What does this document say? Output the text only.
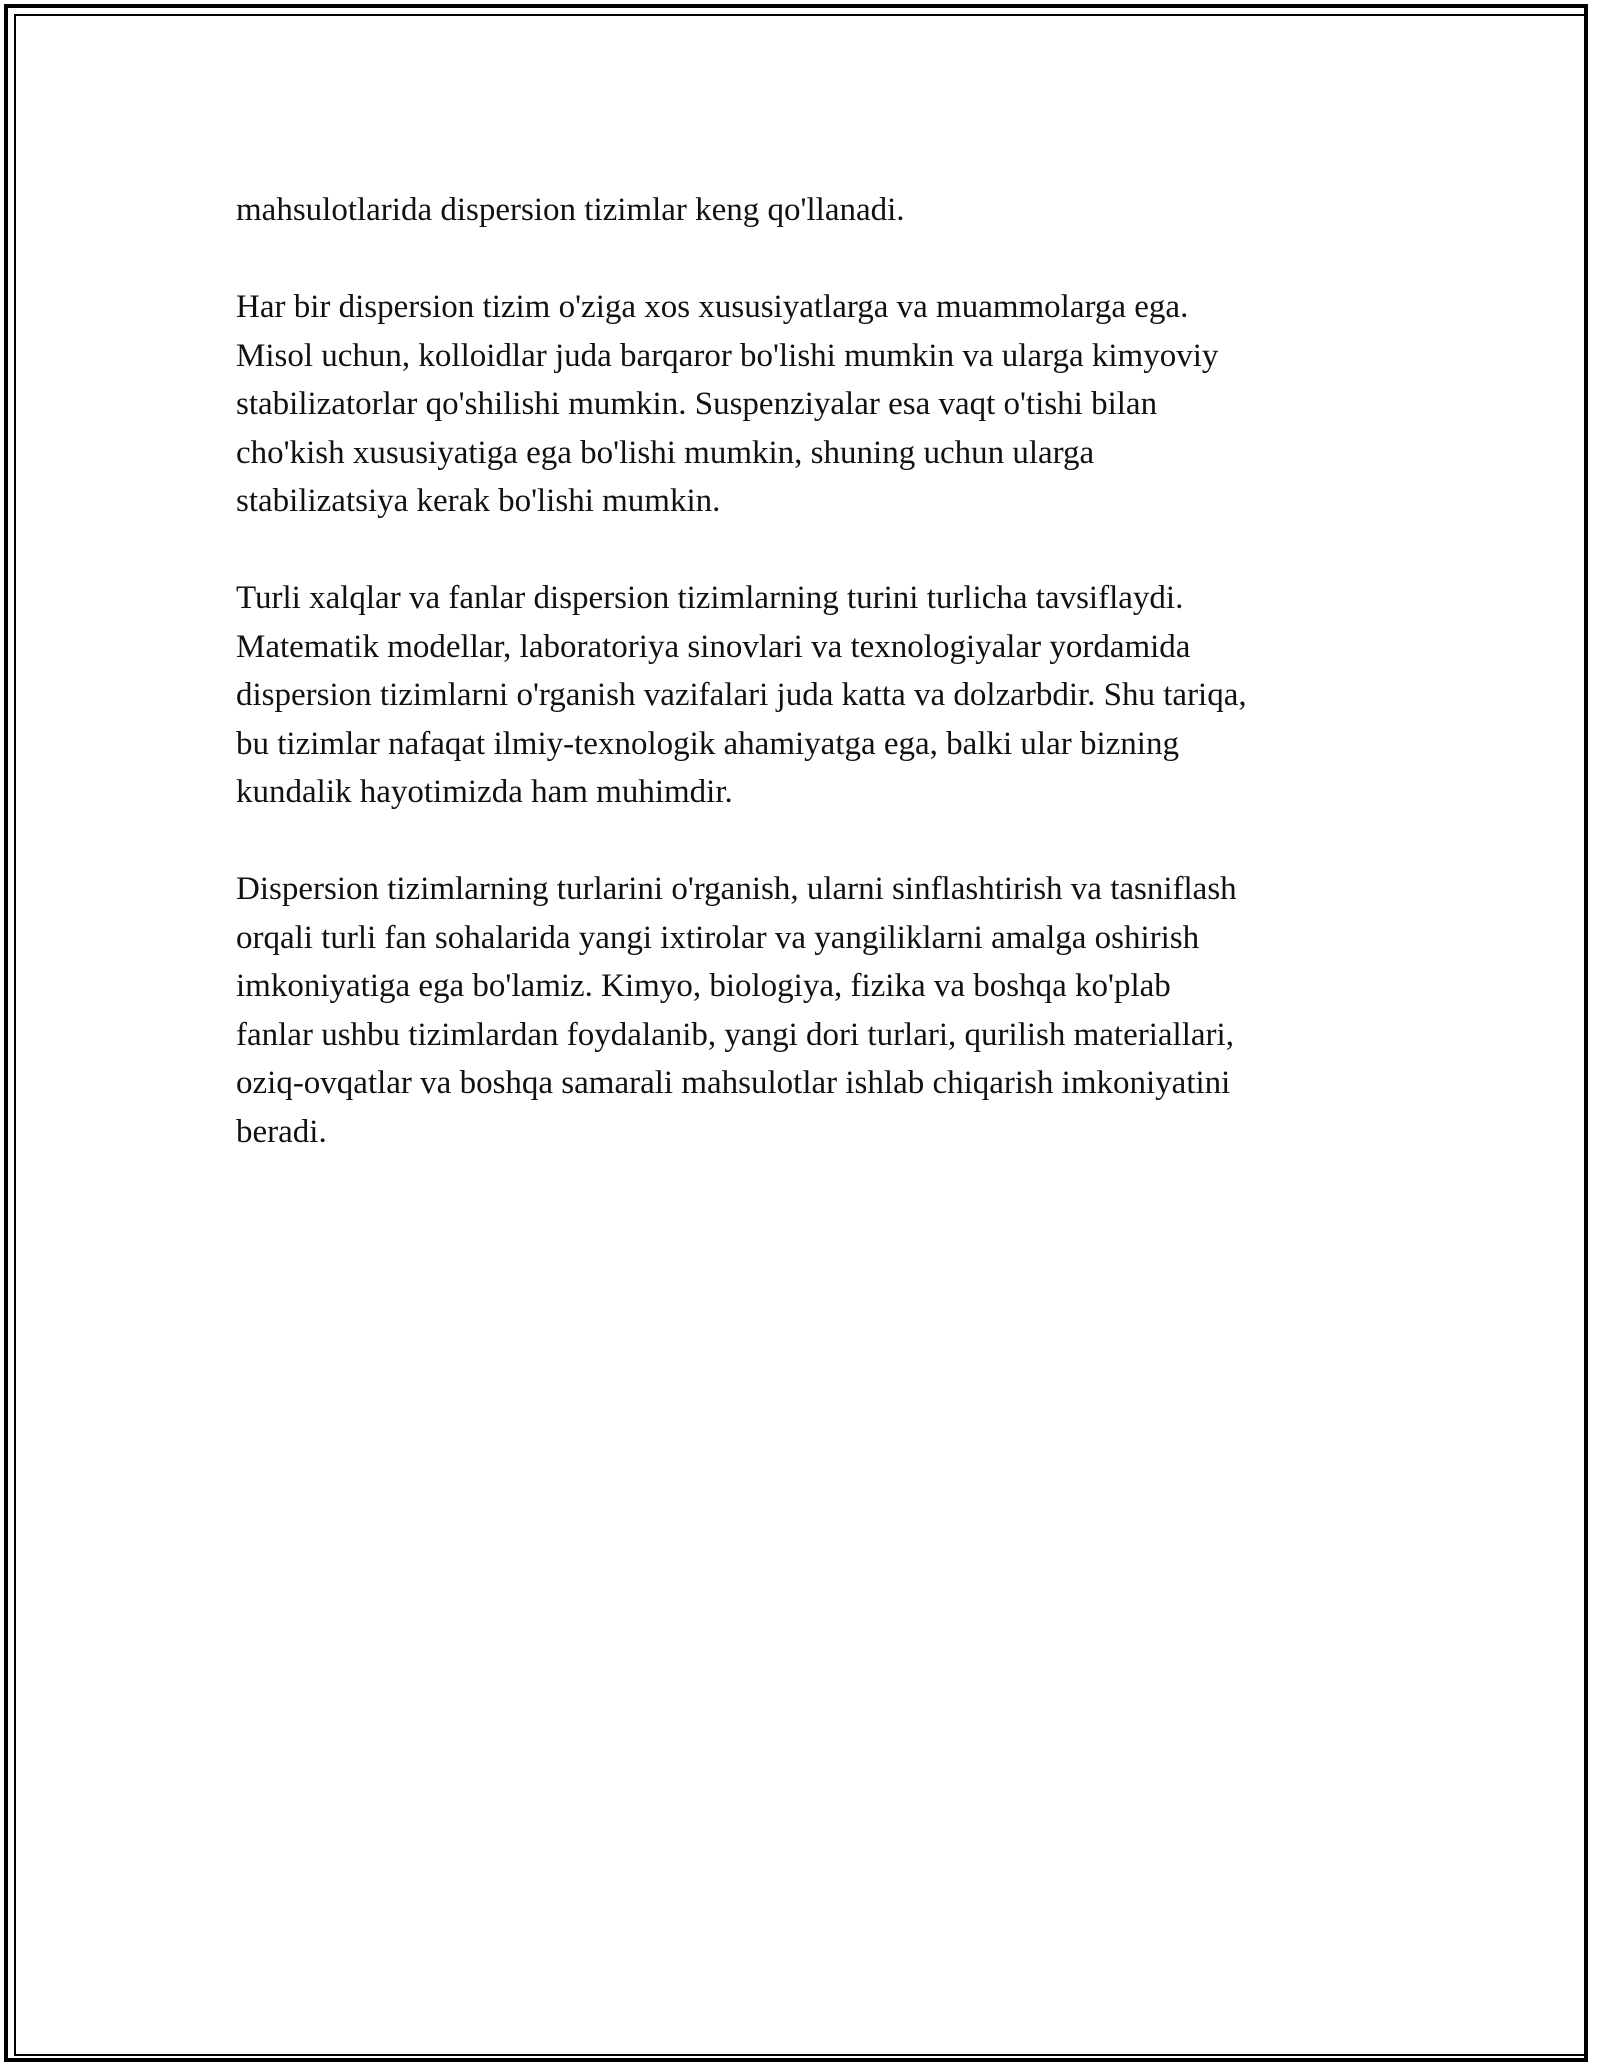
mahsulotlarida dispersion tizimlar keng qo'llanadi.

Har bir dispersion tizim o'ziga xos xususiyatlarga va muammolarga ega.
Misol uchun, kolloidlar juda barqaror bo'lishi mumkin va ularga kimyoviy
stabilizatorlar qo'shilishi mumkin. Suspenziyalar esa vaqt o'tishi bilan
cho'kish xususiyatiga ega bo'lishi mumkin, shuning uchun ularga
stabilizatsiya kerak bo'lishi mumkin.

Turli xalqlar va fanlar dispersion tizimlarning turini turlicha tavsiflaydi.
Matematik modellar, laboratoriya sinovlari va texnologiyalar yordamida
dispersion tizimlarni o'rganish vazifalari juda katta va dolzarbdir. Shu tariqa,
bu tizimlar nafaqat ilmiy-texnologik ahamiyatga ega, balki ular bizning
kundalik hayotimizda ham muhimdir.

Dispersion tizimlarning turlarini o'rganish, ularni sinflashtirish va tasniflash
orqali turli fan sohalarida yangi ixtirolar va yangiliklarni amalga oshirish
imkoniyatiga ega bo'lamiz. Kimyo, biologiya, fizika va boshqa ko'plab
fanlar ushbu tizimlardan foydalanib, yangi dori turlari, qurilish materiallari,
oziq-ovqatlar va boshqa samarali mahsulotlar ishlab chiqarish imkoniyatini
beradi.
